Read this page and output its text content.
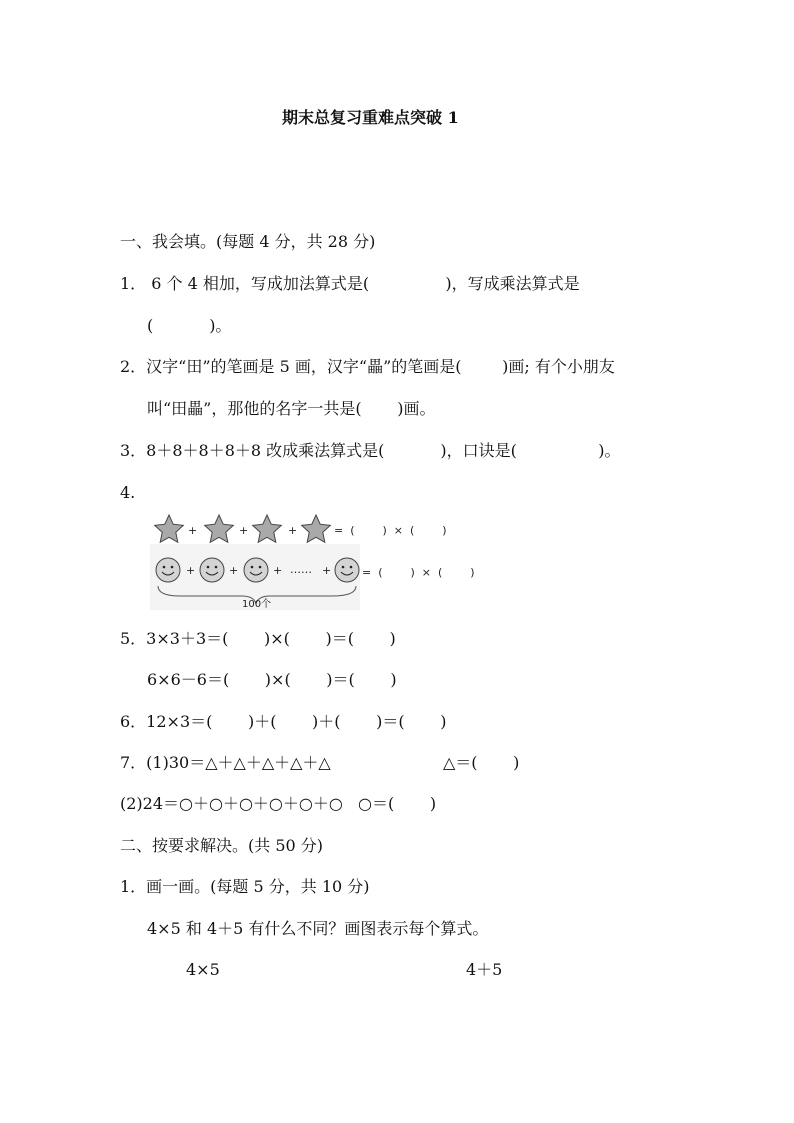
期末总复习重难点突破 1
一、我会填。(每题 4 分，共 28 分)
1． 6 个 4 相加，写成加法算式是(               )，写成乘法算式是
(           )。
2．汉字“田”的笔画是 5 画，汉字“畾”的笔画是(        )画; 有个小朋友
叫“田畾”，那他的名字一共是(       )画。
3．8＋8＋8＋8＋8 改成乘法算式是(           )，口诀是(                )。
4.
+	+	+	=  (        )  ×  (        )
+	+	+ …… +	=  (        )  ×  (        )
100个
5．3×3＋3＝(       )×(       )＝(       )
6×6－6＝(       )×(       )＝(       )
6．12×3＝(       )＋(       )＋(       )＝(       )
7．(1)30＝△＋△＋△＋△＋△	△＝(       )
(2)24＝○＋○＋○＋○＋○＋○   ○＝(       )
二、按要求解决。(共 50 分)
1．画一画。(每题 5 分，共 10 分)
4×5 和 4＋5 有什么不同？画图表示每个算式。
4×5	4＋5
